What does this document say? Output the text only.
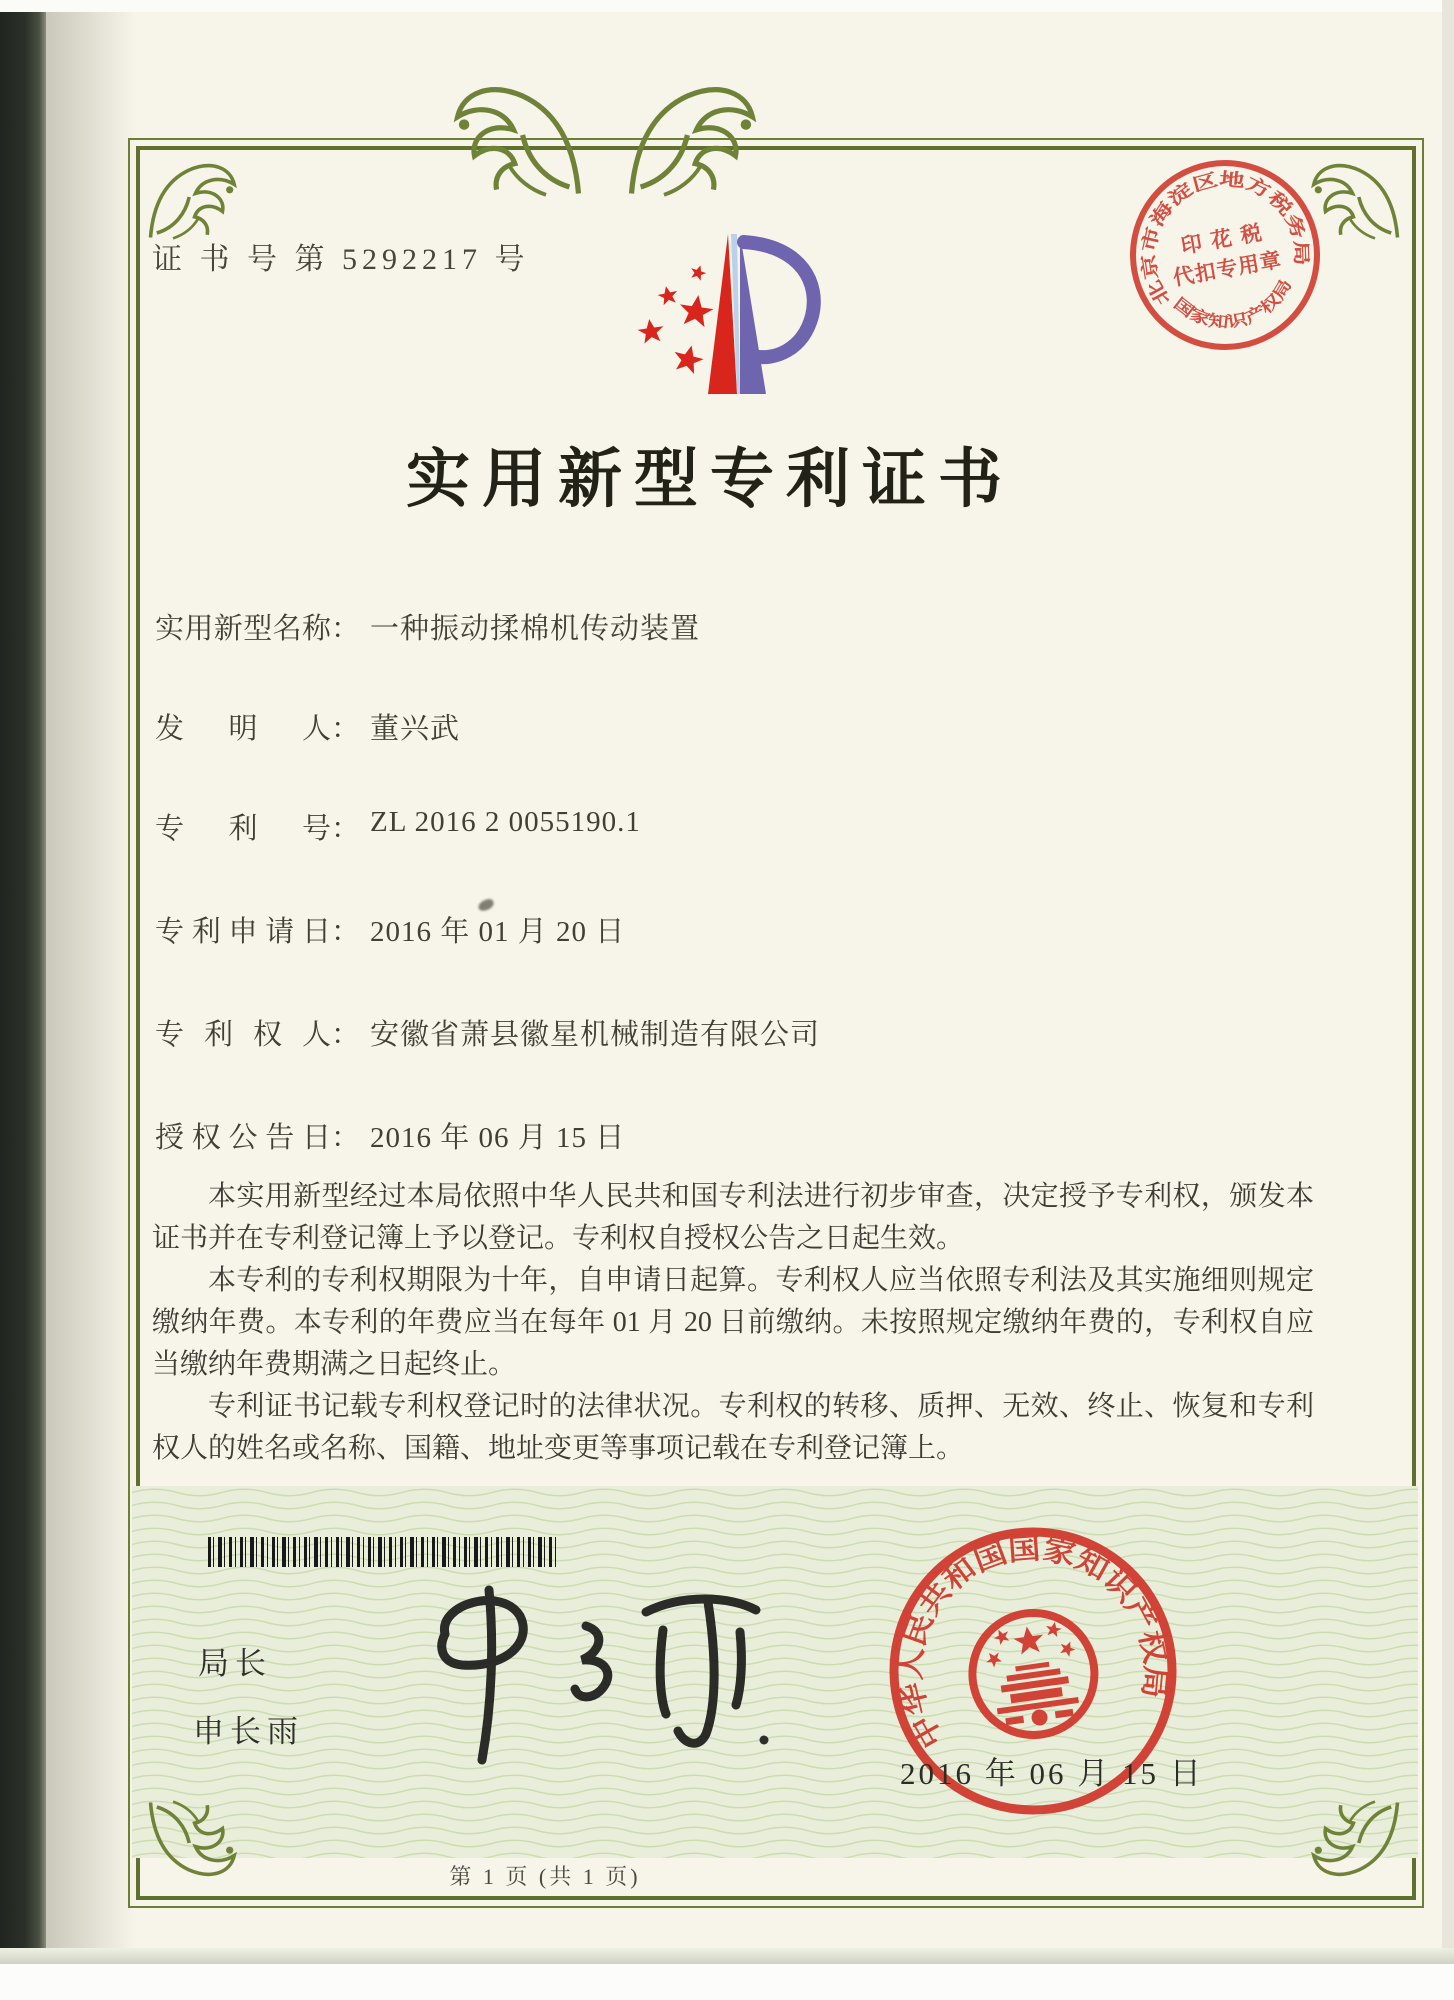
证 书 号 第 5292217 号
实用新型专利证书
实用新型名称： 一种振动揉棉机传动装置
发明人： 董兴武
专利号： ZL 2016 2 0055190.1
专利申请日： 2016 年 01 月 20 日
专利权人： 安徽省萧县徽星机械制造有限公司
授权公告日： 2016 年 06 月 15 日

本实用新型经过本局依照中华人民共和国专利法进行初步审查，决定授予专利权，颁发本证书并在专利登记簿上予以登记。专利权自授权公告之日起生效。

本专利的专利权期限为十年，自申请日起算。专利权人应当依照专利法及其实施细则规定缴纳年费。本专利的年费应当在每年 01 月 20 日前缴纳。未按照规定缴纳年费的，专利权自应当缴纳年费期满之日起终止。

专利证书记载专利权登记时的法律状况。专利权的转移、质押、无效、终止、恢复和专利权人的姓名或名称、国籍、地址变更等事项记载在专利登记簿上。

局长
申长雨	中华人民共和国国家知识产权局
2016 年 06 月 15 日
北京市海淀区地方税务局
国家知识产权局
印 花 税
代扣专用章
第 1 页 (共 1 页)
